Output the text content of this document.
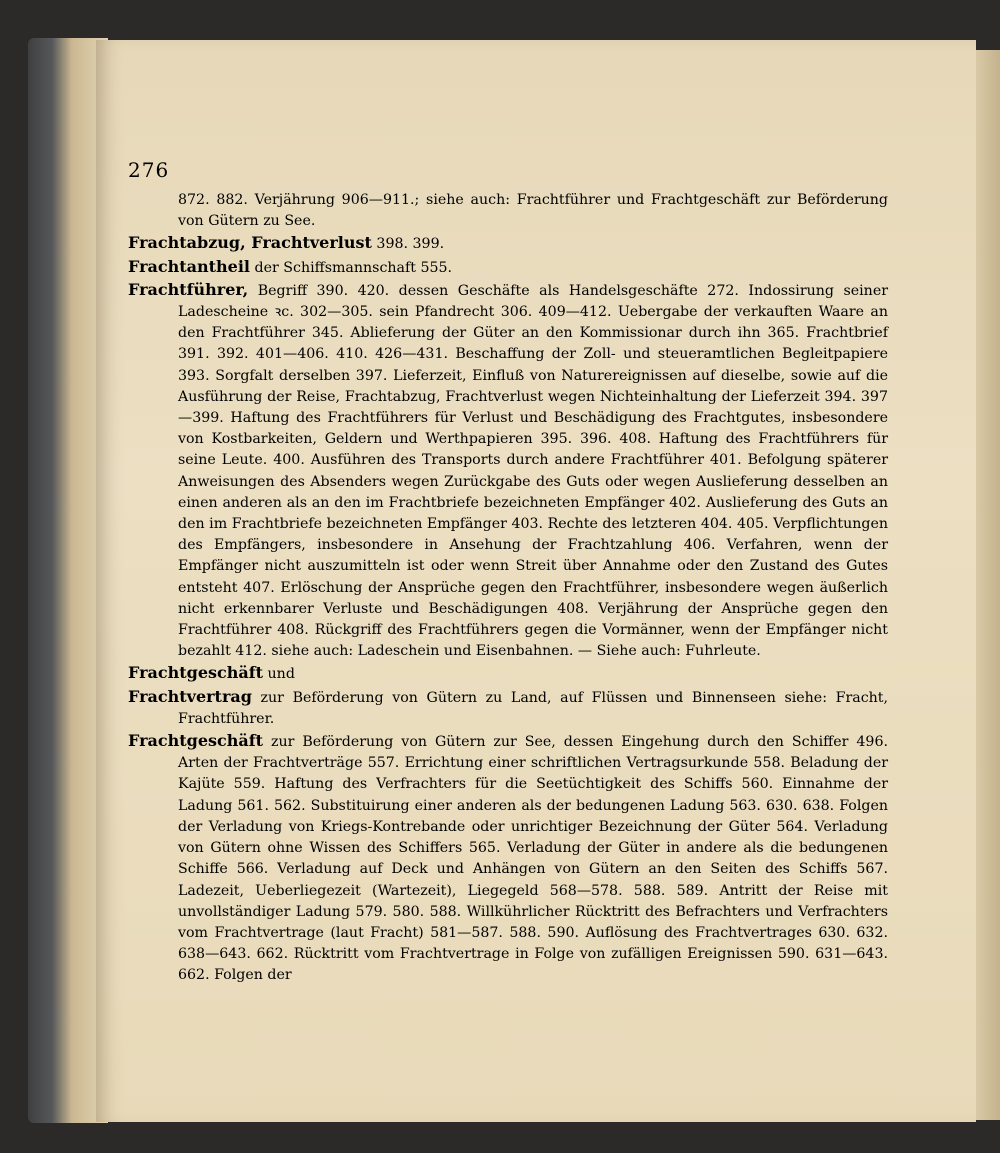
276

872. 882. Verjährung 906—911.; siehe auch: Frachtführer und Frachtgeschäft zur Beförderung von Gütern zu See.

Frachtabzug, Frachtverlust 398. 399.

Frachtantheil der Schiffsmannschaft 555.

Frachtführer, Begriff 390. 420. dessen Geschäfte als Handelsgeschäfte 272. Indossirung seiner Ladescheine ꝛc. 302—305. sein Pfandrecht 306. 409—412. Uebergabe der verkauften Waare an den Frachtführer 345. Ablieferung der Güter an den Kommissionar durch ihn 365. Frachtbrief 391. 392. 401—406. 410. 426—431. Beschaffung der Zoll- und steueramtlichen Begleitpapiere 393. Sorgfalt derselben 397. Lieferzeit, Einfluß von Naturereignissen auf dieselbe, sowie auf die Ausführung der Reise, Frachtabzug, Frachtverlust wegen Nichteinhaltung der Lieferzeit 394. 397—399. Haftung des Frachtführers für Verlust und Beschädigung des Frachtgutes, insbesondere von Kostbarkeiten, Geldern und Werthpapieren 395. 396. 408. Haftung des Frachtführers für seine Leute. 400. Ausführen des Transports durch andere Frachtführer 401. Befolgung späterer Anweisungen des Absenders wegen Zurückgabe des Guts oder wegen Auslieferung desselben an einen anderen als an den im Frachtbriefe bezeichneten Empfänger 402. Auslieferung des Guts an den im Frachtbriefe bezeichneten Empfänger 403. Rechte des letzteren 404. 405. Verpflichtungen des Empfängers, insbesondere in Ansehung der Frachtzahlung 406. Verfahren, wenn der Empfänger nicht auszumitteln ist oder wenn Streit über Annahme oder den Zustand des Gutes entsteht 407. Erlöschung der Ansprüche gegen den Frachtführer, insbesondere wegen äußerlich nicht erkennbarer Verluste und Beschädigungen 408. Verjährung der Ansprüche gegen den Frachtführer 408. Rückgriff des Frachtführers gegen die Vormänner, wenn der Empfänger nicht bezahlt 412. siehe auch: Ladeschein und Eisenbahnen. — Siehe auch: Fuhrleute.

Frachtgeschäft und

Frachtvertrag zur Beförderung von Gütern zu Land, auf Flüssen und Binnenseen siehe: Fracht, Frachtführer.

Frachtgeschäft zur Beförderung von Gütern zur See, dessen Eingehung durch den Schiffer 496. Arten der Frachtverträge 557. Errichtung einer schriftlichen Vertragsurkunde 558. Beladung der Kajüte 559. Haftung des Verfrachters für die Seetüchtigkeit des Schiffs 560. Einnahme der Ladung 561. 562. Substituirung einer anderen als der bedungenen Ladung 563. 630. 638. Folgen der Verladung von Kriegs-Kontrebande oder unrichtiger Bezeichnung der Güter 564. Verladung von Gütern ohne Wissen des Schiffers 565. Verladung der Güter in andere als die bedungenen Schiffe 566. Verladung auf Deck und Anhängen von Gütern an den Seiten des Schiffs 567. Ladezeit, Ueberliegezeit (Wartezeit), Liegegeld 568—578. 588. 589. Antritt der Reise mit unvollständiger Ladung 579. 580. 588. Willkührlicher Rücktritt des Befrachters und Verfrachters vom Frachtvertrage (laut Fracht) 581—587. 588. 590. Auflösung des Frachtvertrages 630. 632. 638—643. 662. Rücktritt vom Frachtvertrage in Folge von zufälligen Ereignissen 590. 631—643. 662. Folgen der
